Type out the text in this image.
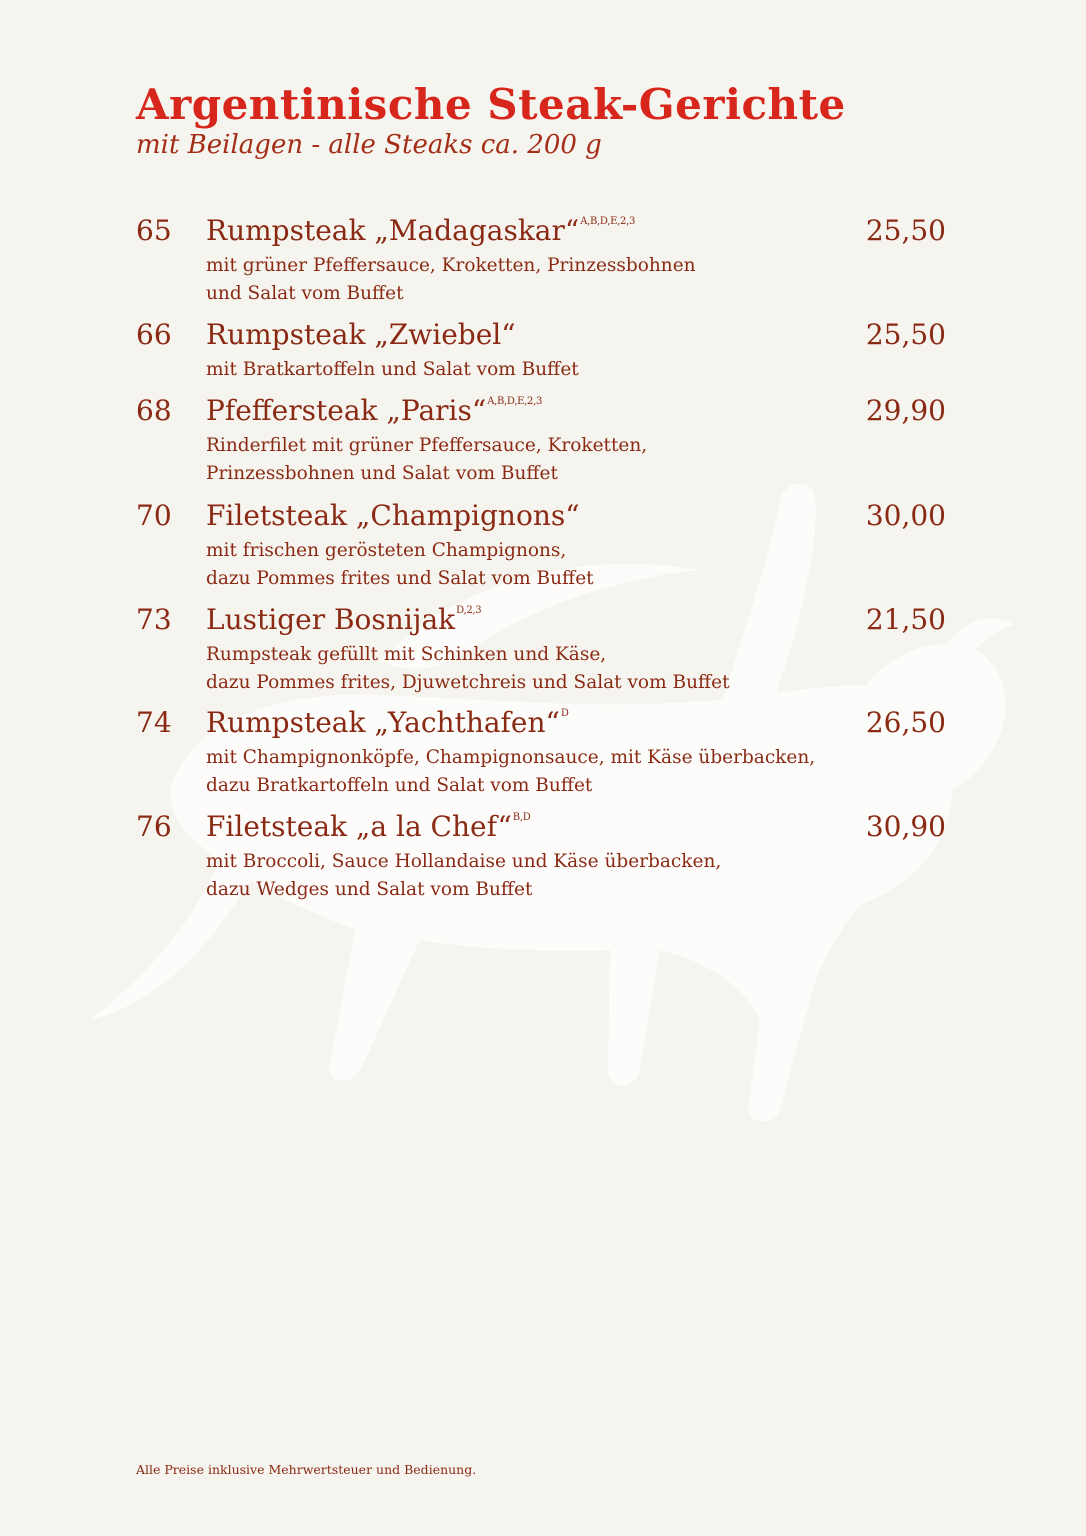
Argentinische Steak-Gerichte

mit Beilagen - alle Steaks ca. 200 g

65 Rumpsteak „Madagaskar“$^{A,B,D,E,2,3}$	25,50
mit grüner Pfeffersauce, Kroketten, Prinzessbohnen
und Salat vom Buffet
66 Rumpsteak „Zwiebel“	25,50
mit Bratkartoffeln und Salat vom Buffet
68 Pfeffersteak „Paris“$^{A,B,D,E,2,3}$	29,90
Rinderfilet mit grüner Pfeffersauce, Kroketten,
Prinzessbohnen und Salat vom Buffet
70 Filetsteak „Champignons“	30,00
mit frischen gerösteten Champignons,
dazu Pommes frites und Salat vom Buffet
73 Lustiger Bosnijak$^{D,2,3}$	21,50
Rumpsteak gefüllt mit Schinken und Käse,
dazu Pommes frites, Djuwetchreis und Salat vom Buffet
74 Rumpsteak „Yachthafen“$^D$	26,50
mit Champignonköpfe, Champignonsauce, mit Käse überbacken,
dazu Bratkartoffeln und Salat vom Buffet
76 Filetsteak „a la Chef“$^{B,D}$	30,90
mit Broccoli, Sauce Hollandaise und Käse überbacken,
dazu Wedges und Salat vom Buffet
Alle Preise inklusive Mehrwertsteuer und Bedienung.
